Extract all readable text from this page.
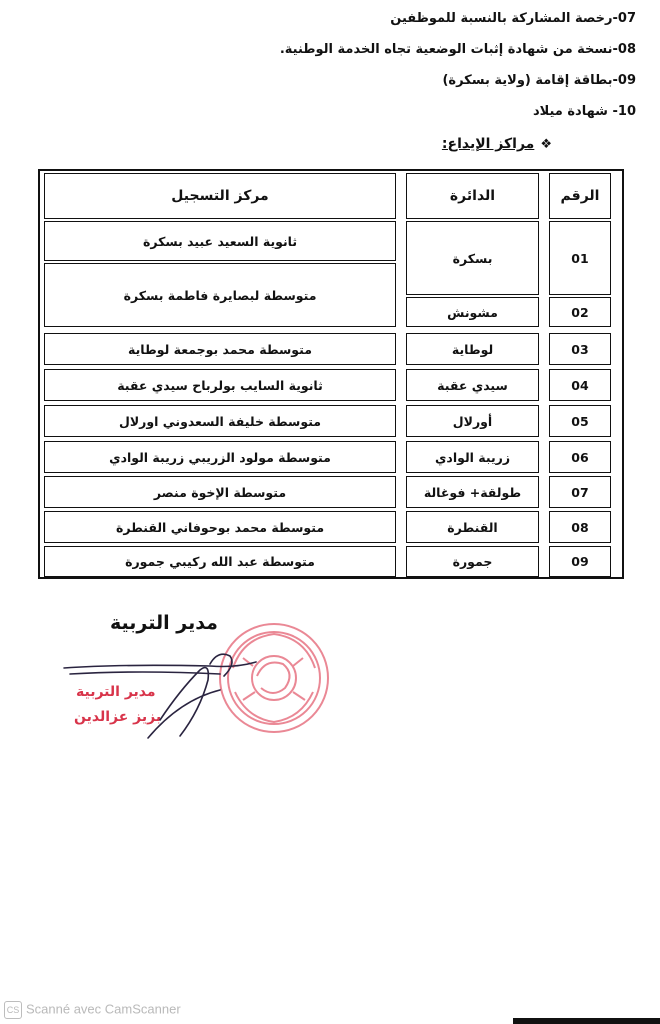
07-رخصة المشاركة بالنسبة للموظفين
08-نسخة من شهادة إثبات الوضعية تجاه الخدمة الوطنية.
09-بطاقة إقامة (ولاية بسكرة)
10- شهادة ميلاد
❖مراكز الإيداع:
الرقم
الدائرة
مركز التسجيل
01
بسكرة
ثانوية السعيد عبيد بسكرة
متوسطة لبصايرة فاطمة بسكرة
02
مشونش
03
لوطاية
متوسطة محمد بوجمعة لوطاية
04
سيدي عقبة
ثانوية السايب بولرباح سيدي عقبة
05
أورلال
متوسطة خليفة السعدوني اورلال
06
زريبة الوادي
متوسطة مولود الزريبي زريبة الوادي
07
طولقة+ فوغالة
متوسطة الإخوة منصر
08
القنطرة
متوسطة محمد بوحوفاني القنطرة
09
جمورة
متوسطة عبد الله ركيبي جمورة
مدير التربية
مدير التربية
بزيز عزالدين
CS Scanné avec CamScanner
